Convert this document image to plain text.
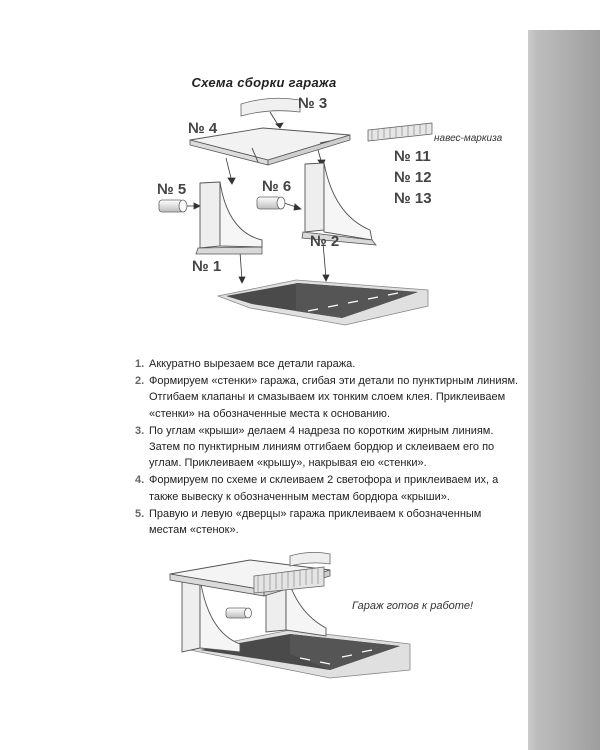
Схема сборки гаража
№ 3
№ 4
навес-маркиза
№ 11
№ 12
№ 13
№ 5	№ 6
№ 2
№ 1
1. Аккуратно вырезаем все детали гаража.
2. Формируем «стенки» гаража, сгибая эти детали по пунктирным линиям. Отгибаем клапаны и смазываем их тонким слоем клея. Приклеиваем «стенки» на обозначенные места к основанию.
3. По углам «крыши» делаем 4 надреза по коротким жирным линиям. Затем по пунктирным линиям отгибаем бордюр и склеиваем его по углам. Приклеиваем «крышу», накрывая ею «стенки».
4. Формируем по схеме и склеиваем 2 светофора и приклеиваем их, а также вывеску к обозначенным местам бордюра «крыши».
5. Правую и левую «дверцы» гаража приклеиваем к обозначенным местам «стенок».
Гараж готов к работе!
